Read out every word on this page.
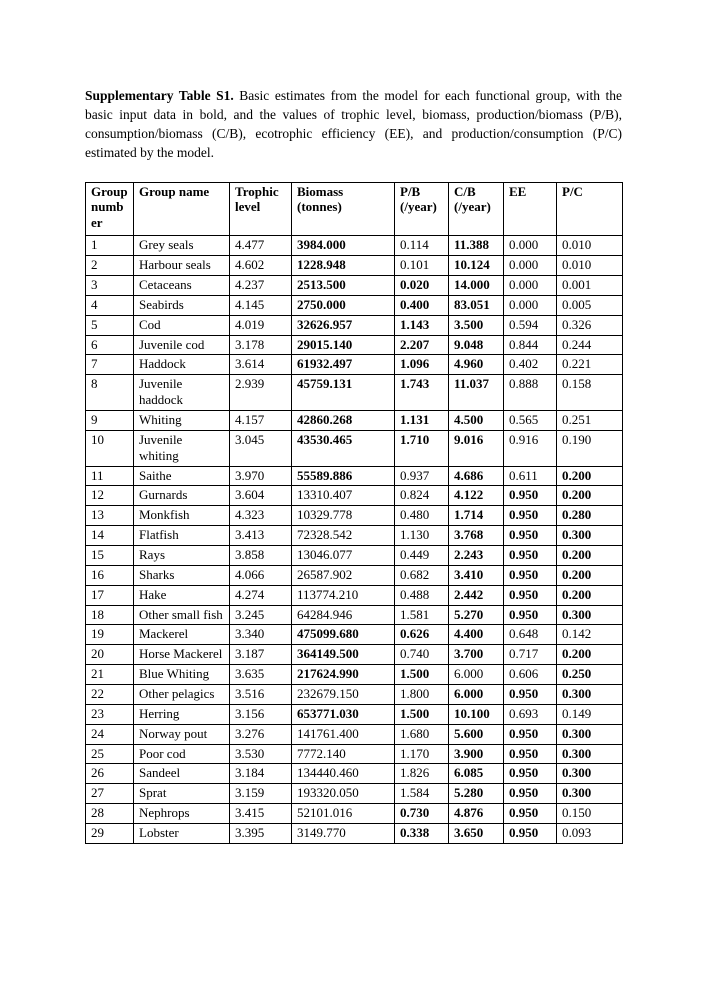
Supplementary Table S1. Basic estimates from the model for each functional group, with the basic input data in bold, and the values of trophic level, biomass, production/biomass (P/B), consumption/biomass (C/B), ecotrophic efficiency (EE), and production/consumption (P/C) estimated by the model.

Group number	Group name	Trophic level	Biomass (tonnes)	P/B (/year)	C/B (/year)	EE	P/C
1	Grey seals	4.477	3984.000	0.114	11.388	0.000	0.010
2	Harbour seals	4.602	1228.948	0.101	10.124	0.000	0.010
3	Cetaceans	4.237	2513.500	0.020	14.000	0.000	0.001
4	Seabirds	4.145	2750.000	0.400	83.051	0.000	0.005
5	Cod	4.019	32626.957	1.143	3.500	0.594	0.326
6	Juvenile cod	3.178	29015.140	2.207	9.048	0.844	0.244
7	Haddock	3.614	61932.497	1.096	4.960	0.402	0.221
8	Juvenile haddock	2.939	45759.131	1.743	11.037	0.888	0.158
9	Whiting	4.157	42860.268	1.131	4.500	0.565	0.251
10	Juvenile whiting	3.045	43530.465	1.710	9.016	0.916	0.190
11	Saithe	3.970	55589.886	0.937	4.686	0.611	0.200
12	Gurnards	3.604	13310.407	0.824	4.122	0.950	0.200
13	Monkfish	4.323	10329.778	0.480	1.714	0.950	0.280
14	Flatfish	3.413	72328.542	1.130	3.768	0.950	0.300
15	Rays	3.858	13046.077	0.449	2.243	0.950	0.200
16	Sharks	4.066	26587.902	0.682	3.410	0.950	0.200
17	Hake	4.274	113774.210	0.488	2.442	0.950	0.200
18	Other small fish	3.245	64284.946	1.581	5.270	0.950	0.300
19	Mackerel	3.340	475099.680	0.626	4.400	0.648	0.142
20	Horse Mackerel	3.187	364149.500	0.740	3.700	0.717	0.200
21	Blue Whiting	3.635	217624.990	1.500	6.000	0.606	0.250
22	Other pelagics	3.516	232679.150	1.800	6.000	0.950	0.300
23	Herring	3.156	653771.030	1.500	10.100	0.693	0.149
24	Norway pout	3.276	141761.400	1.680	5.600	0.950	0.300
25	Poor cod	3.530	7772.140	1.170	3.900	0.950	0.300
26	Sandeel	3.184	134440.460	1.826	6.085	0.950	0.300
27	Sprat	3.159	193320.050	1.584	5.280	0.950	0.300
28	Nephrops	3.415	52101.016	0.730	4.876	0.950	0.150
29	Lobster	3.395	3149.770	0.338	3.650	0.950	0.093
